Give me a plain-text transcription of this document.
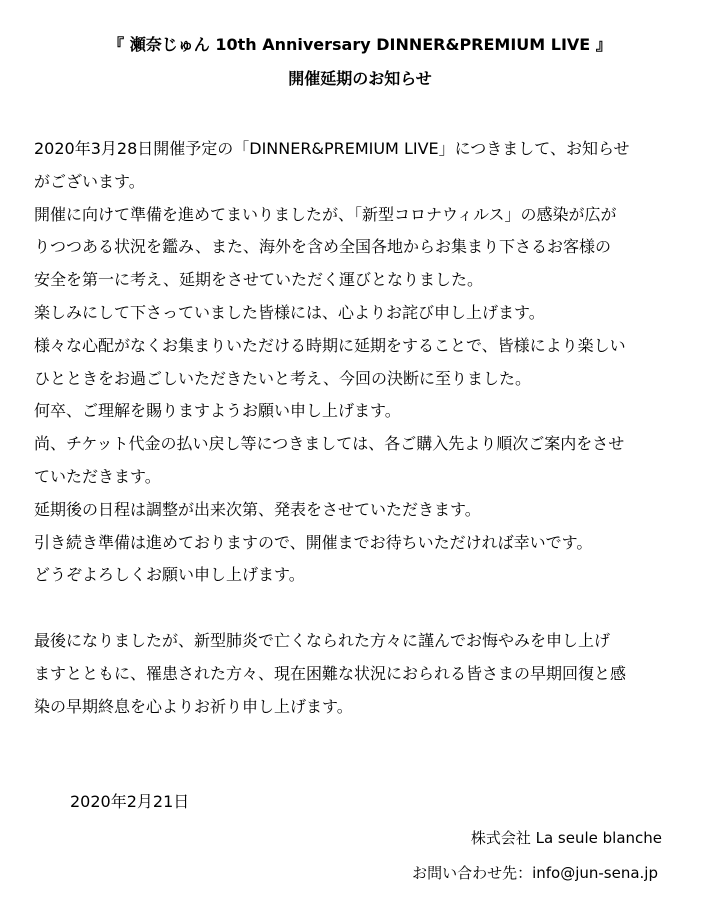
『 瀬奈じゅん 10th Anniversary DINNER&PREMIUM LIVE 』
開催延期のお知らせ
2020年3月28日開催予定の「DINNER&PREMIUM LIVE」につきまして、お知らせ
がございます。
開催に向けて準備を進めてまいりましたが、「新型コロナウィルス」の感染が広が
りつつある状況を鑑み、また、海外を含め全国各地からお集まり下さるお客様の
安全を第一に考え、延期をさせていただく運びとなりました。
楽しみにして下さっていました皆様には、心よりお詫び申し上げます。
様々な心配がなくお集まりいただける時期に延期をすることで、皆様により楽しい
ひとときをお過ごしいただきたいと考え、今回の決断に至りました。
何卒、ご理解を賜りますようお願い申し上げます。
尚、チケット代金の払い戻し等につきましては、各ご購入先より順次ご案内をさせ
ていただきます。
延期後の日程は調整が出来次第、発表をさせていただきます。
引き続き準備は進めておりますので、開催までお待ちいただければ幸いです。
どうぞよろしくお願い申し上げます。
最後になりましたが、新型肺炎で亡くなられた方々に謹んでお悔やみを申し上げ
ますとともに、罹患された方々、現在困難な状況におられる皆さまの早期回復と感
染の早期終息を心よりお祈り申し上げます。
2020年2月21日
株式会社 La seule blanche
お問い合わせ先：info@jun-sena.jp
